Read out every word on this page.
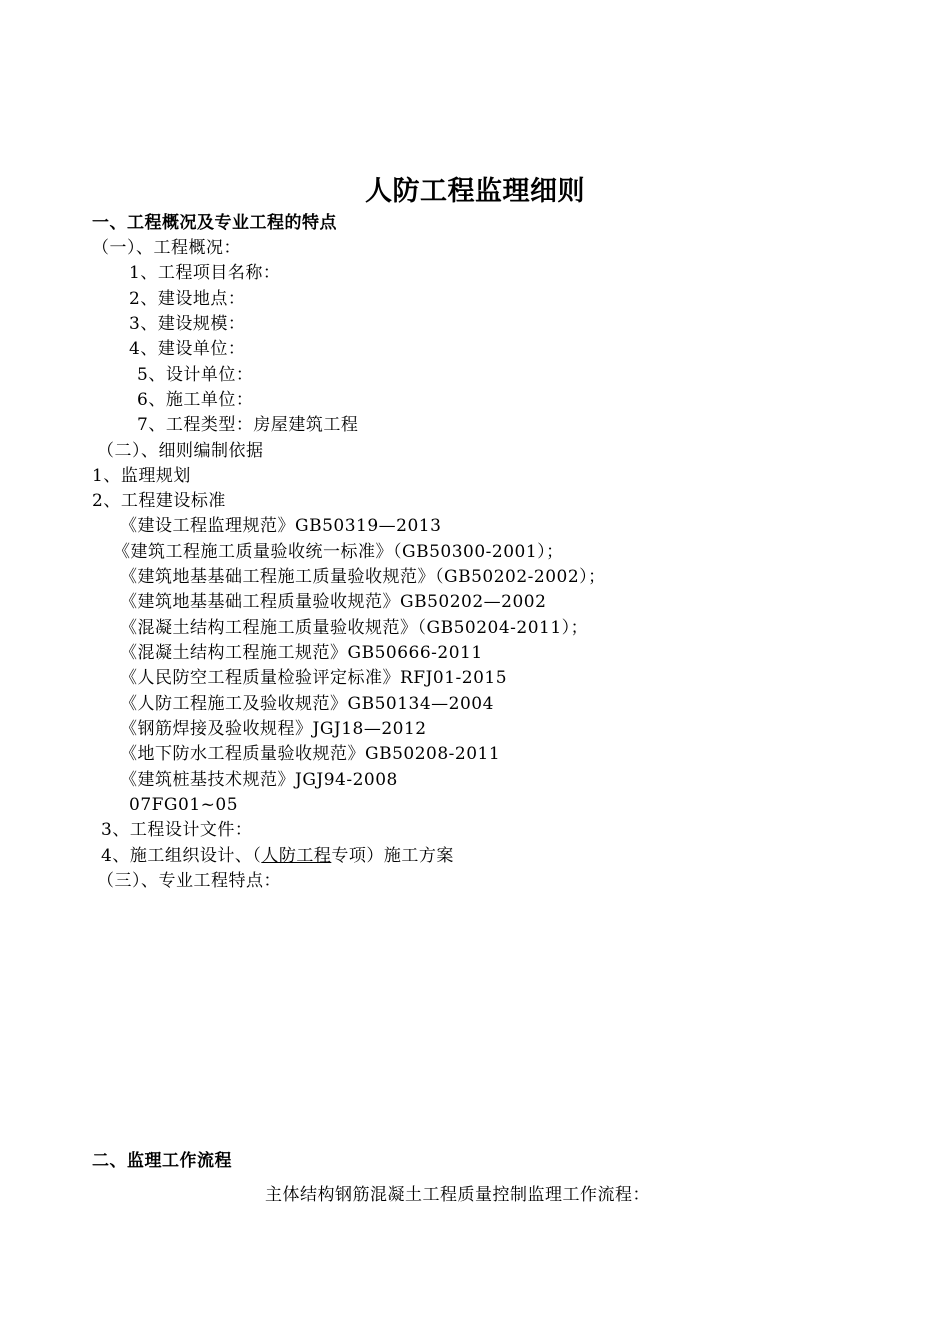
人防工程监理细则
一、工程概况及专业工程的特点
（一）、工程概况：
1、工程项目名称：
2、建设地点：
3、建设规模：
4、建设单位：
5、设计单位：
6、施工单位：
7、工程类型：房屋建筑工程
（二）、细则编制依据
1、监理规划
2、工程建设标准
《建设工程监理规范》GB50319—2013
《建筑工程施工质量验收统一标准》（GB50300-2001）；
《建筑地基基础工程施工质量验收规范》（GB50202-2002）；
《建筑地基基础工程质量验收规范》GB50202—2002
《混凝土结构工程施工质量验收规范》（GB50204-2011）；
《混凝土结构工程施工规范》GB50666-2011
《人民防空工程质量检验评定标准》RFJ01-2015
《人防工程施工及验收规范》GB50134—2004
《钢筋焊接及验收规程》JGJ18—2012
《地下防水工程质量验收规范》GB50208-2011
《建筑桩基技术规范》JGJ94-2008
07FG01~05
3、工程设计文件：
4、施工组织设计、（人防工程专项）施工方案
（三）、专业工程特点：
二、监理工作流程
主体结构钢筋混凝土工程质量控制监理工作流程：
